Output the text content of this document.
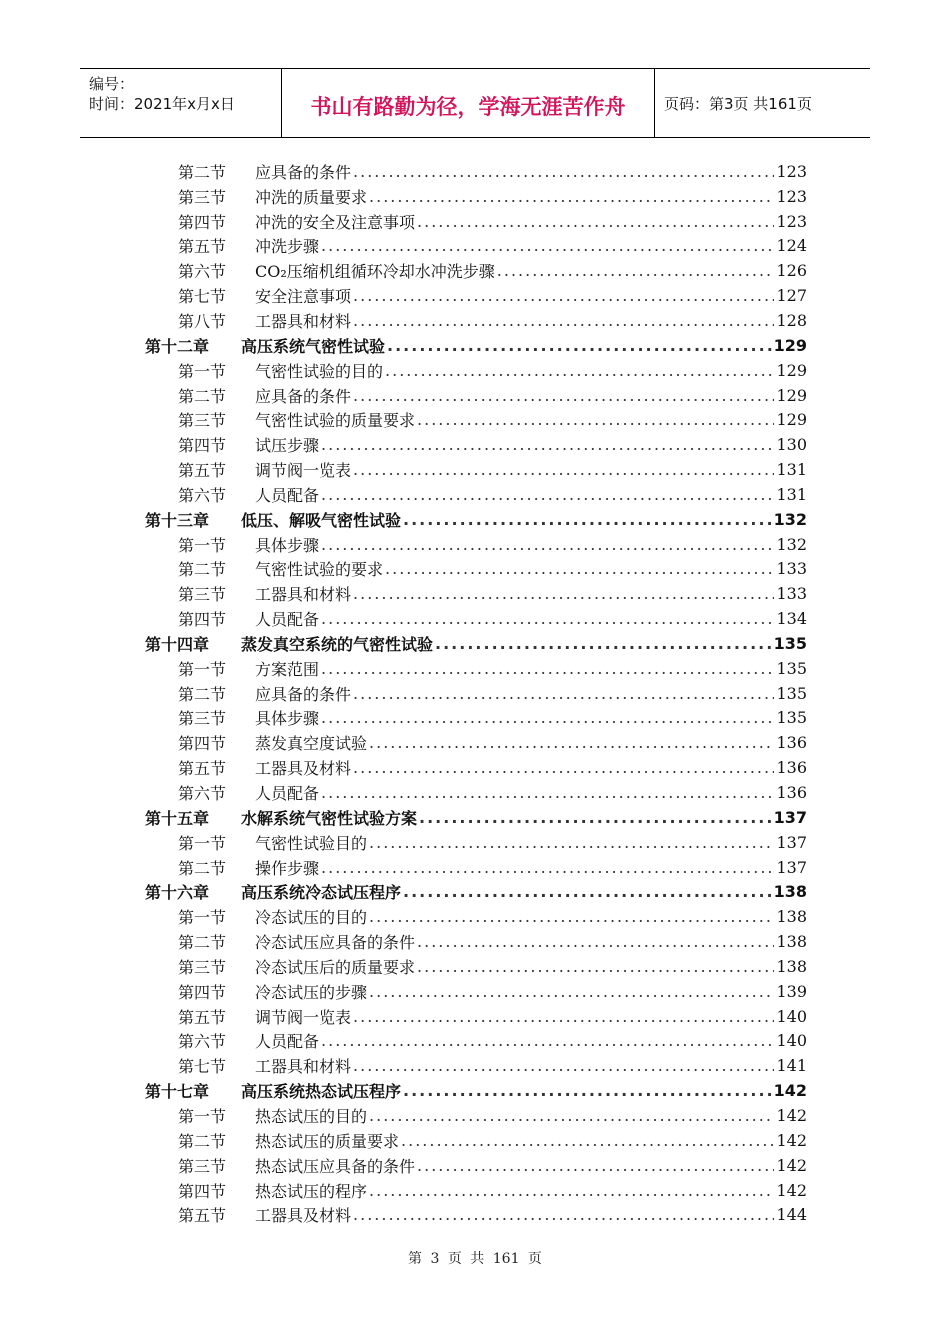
编号：
时间：2021年x月x日	书山有路勤为径，学海无涯苦作舟	页码：第3页 共161页
第二节	应具备的条件 .....	123
第三节	冲洗的质量要求 .....	123
第四节	冲洗的安全及注意事项 .....	123
第五节	冲洗步骤 .....	124
第六节	CO₂压缩机组循环冷却水冲洗步骤 .....	126
第七节	安全注意事项 .....	127
第八节	工器具和材料 .....	128
第十二章	高压系统气密性试验 .....	129
第一节	气密性试验的目的 .....	129
第二节	应具备的条件 .....	129
第三节	气密性试验的质量要求 .....	129
第四节	试压步骤 .....	130
第五节	调节阀一览表 .....	131
第六节	人员配备 .....	131
第十三章	低压、解吸气密性试验 .....	132
第一节	具体步骤 .....	132
第二节	气密性试验的要求 .....	133
第三节	工器具和材料 .....	133
第四节	人员配备 .....	134
第十四章	蒸发真空系统的气密性试验 .....	135
第一节	方案范围 .....	135
第二节	应具备的条件 .....	135
第三节	具体步骤 .....	135
第四节	蒸发真空度试验 .....	136
第五节	工器具及材料 .....	136
第六节	人员配备 .....	136
第十五章	水解系统气密性试验方案 .....	137
第一节	气密性试验目的 .....	137
第二节	操作步骤 .....	137
第十六章	高压系统冷态试压程序 .....	138
第一节	冷态试压的目的 .....	138
第二节	冷态试压应具备的条件 .....	138
第三节	冷态试压后的质量要求 .....	138
第四节	冷态试压的步骤 .....	139
第五节	调节阀一览表 .....	140
第六节	人员配备 .....	140
第七节	工器具和材料 .....	141
第十七章	高压系统热态试压程序 .....	142
第一节	热态试压的目的 .....	142
第二节	热态试压的质量要求 .....	142
第三节	热态试压应具备的条件 .....	142
第四节	热态试压的程序 .....	142
第五节	工器具及材料 .....	144
第 3 页 共 161 页
